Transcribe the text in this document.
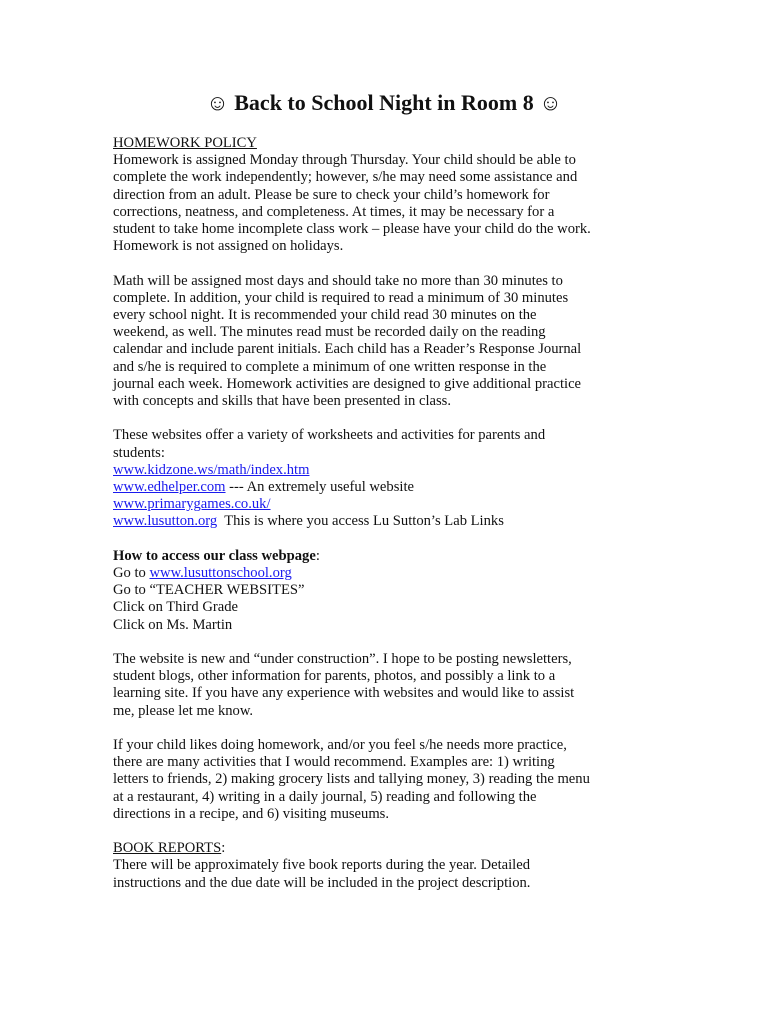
☺ Back to School Night in Room 8 ☺

HOMEWORK POLICY

Homework is assigned Monday through Thursday. Your child should be able to
complete the work independently; however, s/he may need some assistance and
direction from an adult. Please be sure to check your child’s homework for
corrections, neatness, and completeness. At times, it may be necessary for a
student to take home incomplete class work – please have your child do the work.
Homework is not assigned on holidays.

Math will be assigned most days and should take no more than 30 minutes to
complete. In addition, your child is required to read a minimum of 30 minutes
every school night. It is recommended your child read 30 minutes on the
weekend, as well. The minutes read must be recorded daily on the reading
calendar and include parent initials. Each child has a Reader’s Response Journal
and s/he is required to complete a minimum of one written response in the
journal each week. Homework activities are designed to give additional practice
with concepts and skills that have been presented in class.

These websites offer a variety of worksheets and activities for parents and
students:
www.kidzone.ws/math/index.htm
www.edhelper.com --- An extremely useful website
www.primarygames.co.uk/
www.lusutton.org  This is where you access Lu Sutton’s Lab Links

How to access our class webpage:
Go to www.lusuttonschool.org
Go to “TEACHER WEBSITES”
Click on Third Grade
Click on Ms. Martin

The website is new and “under construction”. I hope to be posting newsletters,
student blogs, other information for parents, photos, and possibly a link to a
learning site. If you have any experience with websites and would like to assist
me, please let me know.

If your child likes doing homework, and/or you feel s/he needs more practice,
there are many activities that I would recommend. Examples are: 1) writing
letters to friends, 2) making grocery lists and tallying money, 3) reading the menu
at a restaurant, 4) writing in a daily journal, 5) reading and following the
directions in a recipe, and 6) visiting museums.

BOOK REPORTS:
There will be approximately five book reports during the year. Detailed
instructions and the due date will be included in the project description.
